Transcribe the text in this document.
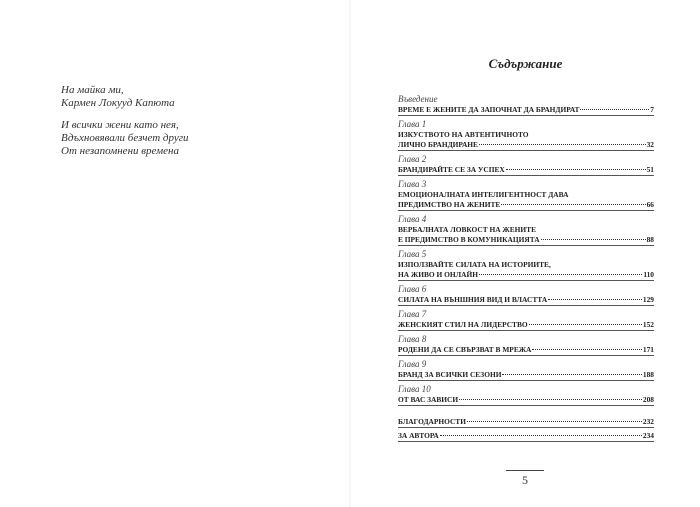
На майка ми,
Кармен Локууд Капюта
И всички жени като нея,
Вдъхновявали безчет други
От незапомнени времена
Съдържание
Въведение
ВРЕМЕ Е ЖЕНИТЕ ДА ЗАПОЧНАТ ДА БРАНДИРАТ	7
Глава 1
ИЗКУСТВОТО НА АВТЕНТИЧНОТО
ЛИЧНО БРАНДИРАНЕ	32
Глава 2
БРАНДИРАЙТЕ СЕ ЗА УСПЕХ	51
Глава 3
ЕМОЦИОНАЛНАТА ИНТЕЛИГЕНТНОСТ ДАВА
ПРЕДИМСТВО НА ЖЕНИТЕ	66
Глава 4
ВЕРБАЛНАТА ЛОВКОСТ НА ЖЕНИТЕ
Е ПРЕДИМСТВО В КОМУНИКАЦИЯТА	88
Глава 5
ИЗПОЛЗВАЙТЕ СИЛАТА НА ИСТОРИИТЕ,
НА ЖИВО И ОНЛАЙН	110
Глава 6
СИЛАТА НА ВЪНШНИЯ ВИД И ВЛАСТТА	129
Глава 7
ЖЕНСКИЯТ СТИЛ НА ЛИДЕРСТВО	152
Глава 8
РОДЕНИ ДА СЕ СВЪРЗВАТ В МРЕЖА	171
Глава 9
БРАНД ЗА ВСИЧКИ СЕЗОНИ	188
Глава 10
ОТ ВАС ЗАВИСИ	208
БЛАГОДАРНОСТИ	232
ЗА АВТОРА	234
5
